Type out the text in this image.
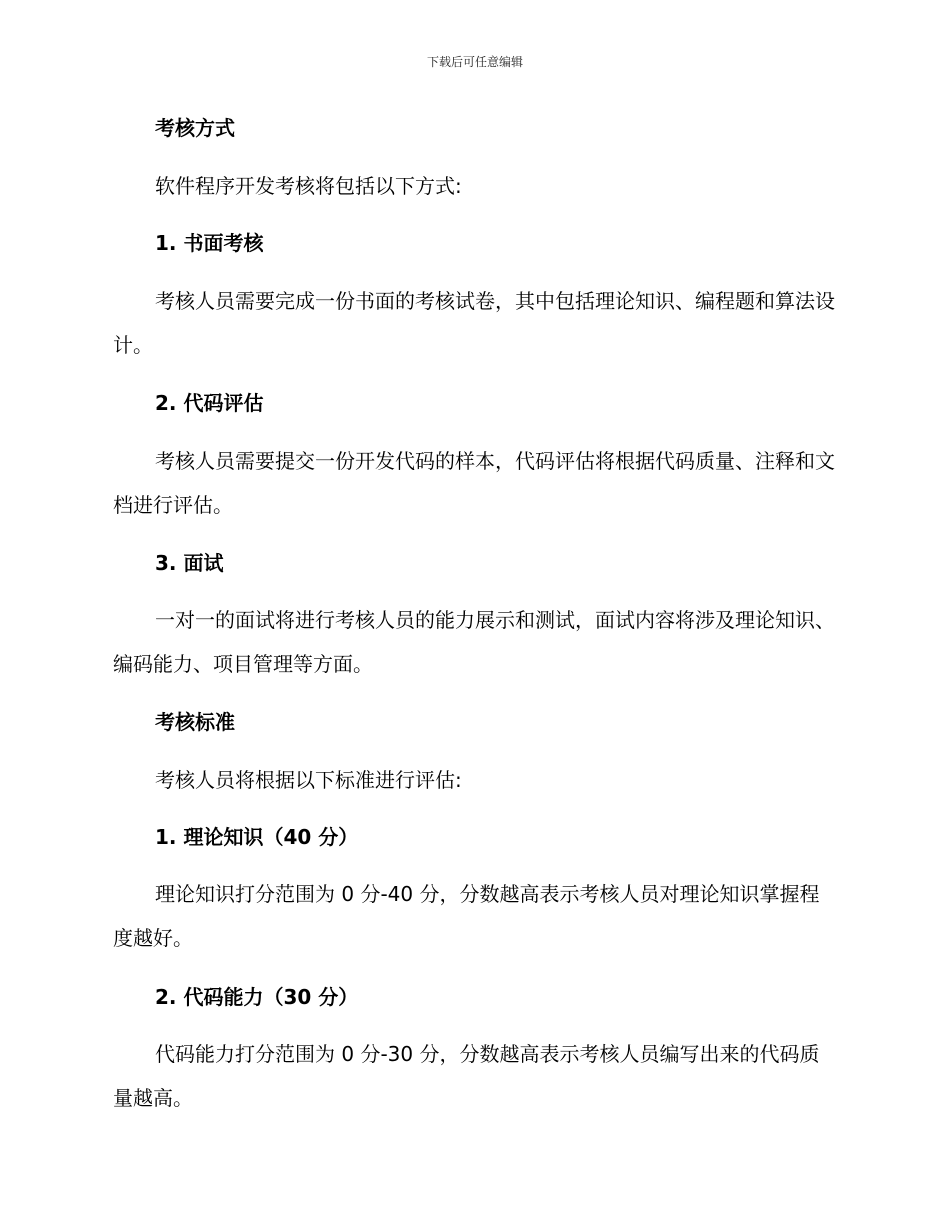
下载后可任意编辑
考核方式
软件程序开发考核将包括以下方式:
1. 书面考核
考核人员需要完成一份书面的考核试卷，其中包括理论知识、编程题和算法设计。
2. 代码评估
考核人员需要提交一份开发代码的样本，代码评估将根据代码质量、注释和文档进行评估。
3. 面试
一对一的面试将进行考核人员的能力展示和测试，面试内容将涉及理论知识、编码能力、项目管理等方面。
考核标准
考核人员将根据以下标准进行评估:
1. 理论知识（40 分）
理论知识打分范围为 0 分-40 分，分数越高表示考核人员对理论知识掌握程度越好。
2. 代码能力（30 分）
代码能力打分范围为 0 分-30 分，分数越高表示考核人员编写出来的代码质量越高。
